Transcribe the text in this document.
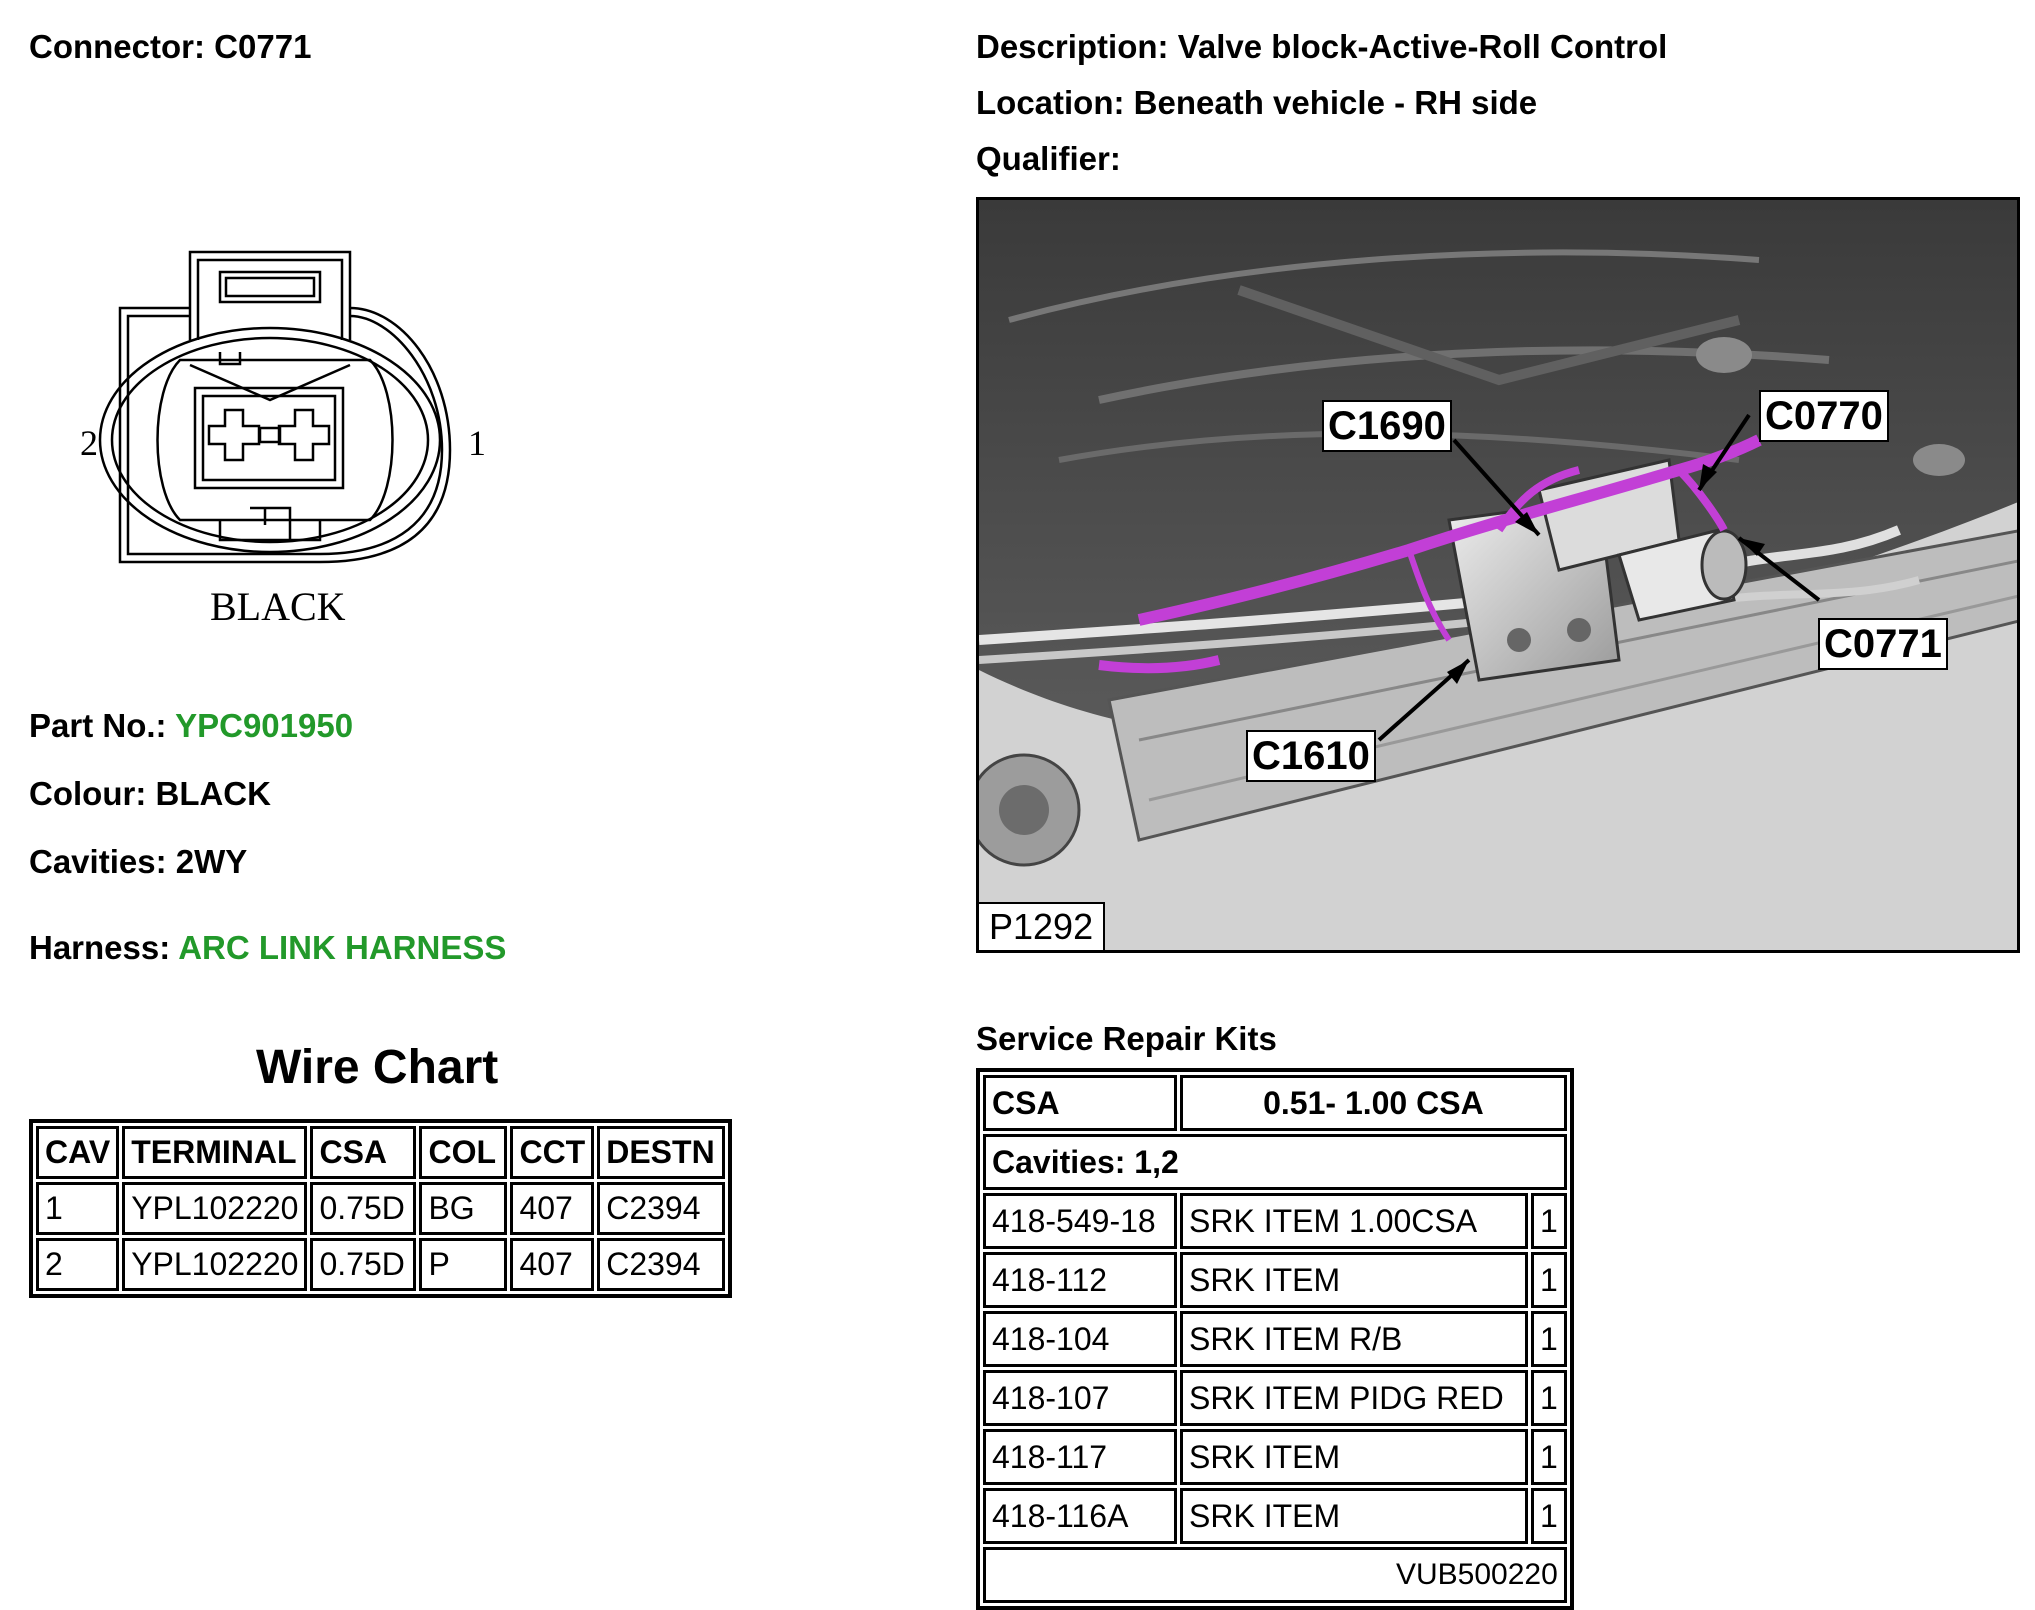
Connector: C0771	Description: Valve block-Active-Roll Control
Location: Beneath vehicle - RH side
Qualifier:
2	1
BLACK
Part No.: YPC901950
Colour: BLACK
Cavities: 2WY
Harness: ARC LINK HARNESS
Wire Chart
CAV	TERMINAL	CSA	COL	CCT	DESTN
1	YPL102220	0.75D	BG	407	C2394
2	YPL102220	0.75D	P	407	C2394
C1690	C0770
C0771
C1610
P1292
Service Repair Kits
CSA	0.51- 1.00 CSA	
Cavities: 1,2		
418-549-18	SRK ITEM 1.00CSA	1
418-112	SRK ITEM	1
418-104	SRK ITEM R/B	1
418-107	SRK ITEM PIDG RED	1
418-117	SRK ITEM	1
418-116A	SRK ITEM	1
VUB500220		
